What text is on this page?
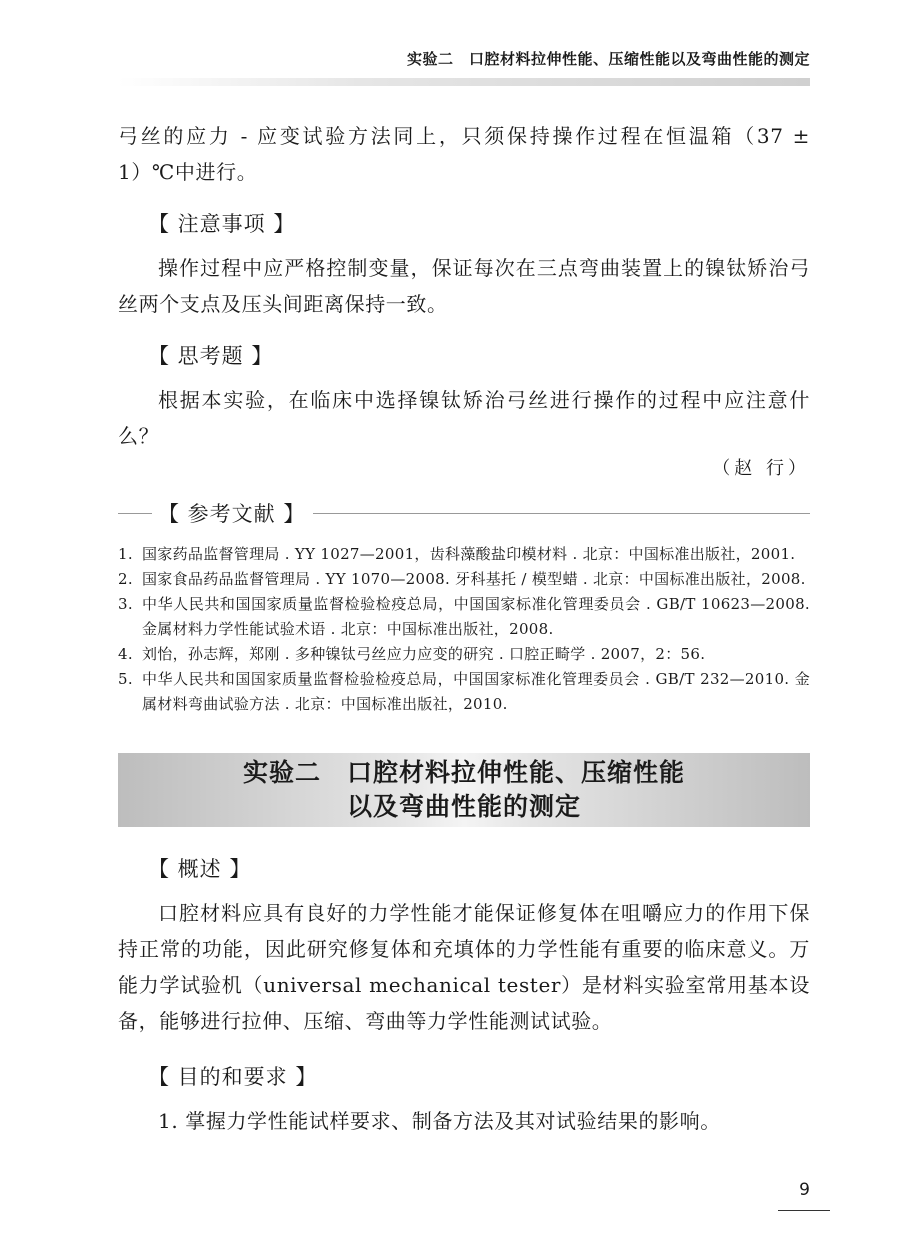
实验二　口腔材料拉伸性能、压缩性能以及弯曲性能的测定

弓丝的应力 - 应变试验方法同上，只须保持操作过程在恒温箱（37 ± 1）℃中进行。

【 注意事项 】

操作过程中应严格控制变量，保证每次在三点弯曲装置上的镍钛矫治弓丝两个支点及压头间距离保持一致。

【 思考题 】

根据本实验，在临床中选择镍钛矫治弓丝进行操作的过程中应注意什么？

（赵 行）
【 参考文献 】
1. 国家药品监督管理局 . YY 1027—2001，齿科藻酸盐印模材料 . 北京：中国标准出版社，2001.
2. 国家食品药品监督管理局 . YY 1070—2008. 牙科基托 / 模型蜡 . 北京：中国标准出版社，2008.
3. 中华人民共和国国家质量监督检验检疫总局，中国国家标准化管理委员会 . GB/T 10623—2008. 金属材料力学性能试验术语 . 北京：中国标准出版社，2008.
4. 刘怡，孙志辉，郑刚 . 多种镍钛弓丝应力应变的研究 . 口腔正畸学 . 2007，2：56.
5. 中华人民共和国国家质量监督检验检疫总局，中国国家标准化管理委员会 . GB/T 232—2010. 金属材料弯曲试验方法 . 北京：中国标准出版社，2010.
实验二 口腔材料拉伸性能、压缩性能
以及弯曲性能的测定
【 概述 】

口腔材料应具有良好的力学性能才能保证修复体在咀嚼应力的作用下保持正常的功能，因此研究修复体和充填体的力学性能有重要的临床意义。万能力学试验机（universal mechanical tester）是材料实验室常用基本设备，能够进行拉伸、压缩、弯曲等力学性能测试试验。

【 目的和要求 】

1. 掌握力学性能试样要求、制备方法及其对试验结果的影响。

9
